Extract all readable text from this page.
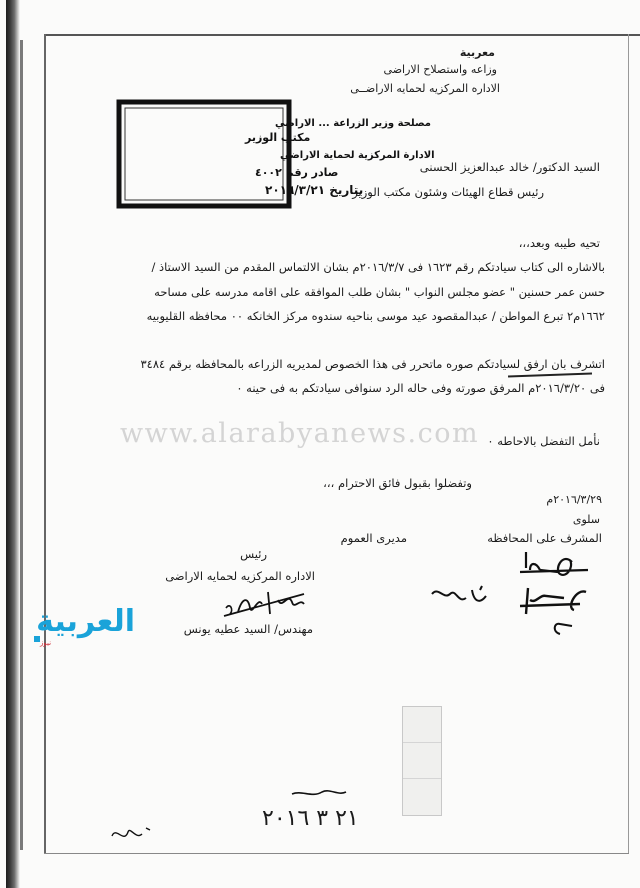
معربية
وزاعه واستصلاح الاراضى
الاداره المركزيه لحمايه الاراضــى
مصلحة وزير الزراعة ... الاراضي
مكتب الوزير
الادارة المركزية لحماية الاراضي
صادر رقم ٤٠٠٢
بتاريخ ٢٠١٦/٣/٢١
السيد الدكتور/ خالد عبدالعزيز الحسنى
رئيس قطاع الهيئات وشئون مكتب الوزير
تحيه طيبه وبعد،،،
بالاشاره الى كتاب سيادتكم رقم ١٦٢٣ فى ٢٠١٦/٣/٧م بشان الالتماس المقدم من السيد الاستاذ /
حسن عمر حسنين " عضو مجلس النواب " بشان طلب الموافقه على اقامه مدرسه على مساحه
١٦٦٢م٢ تبرع المواطن / عبدالمقصود عيد موسى بناحيه سندوه مركز الخانكه ٠٠ محافظه القليوبيه
اتشرف بان ارفق لسيادتكم صوره ماتحرر فى هذا الخصوص لمديريه الزراعه بالمحافظه برقم ٣٤٨٤
فى ٢٠١٦/٣/٢٠م المرفق صورته وفى حاله الرد سنوافى سيادتكم به فى حينه ٠
www.alarabyanews.com نأمل التفضل بالاحاطه ٠
وتفضلوا بقبول فائق الاحترام ،،،
٢٠١٦/٣/٢٩م
سلوى
المشرف على المحافظه
مديرى العموم
رئيس
الاداره المركزيه لحمايه الاراضى
مهندس/ السيد عطيه يونس
العربية
نيوز
٢١ ٣ ٢٠١٦
